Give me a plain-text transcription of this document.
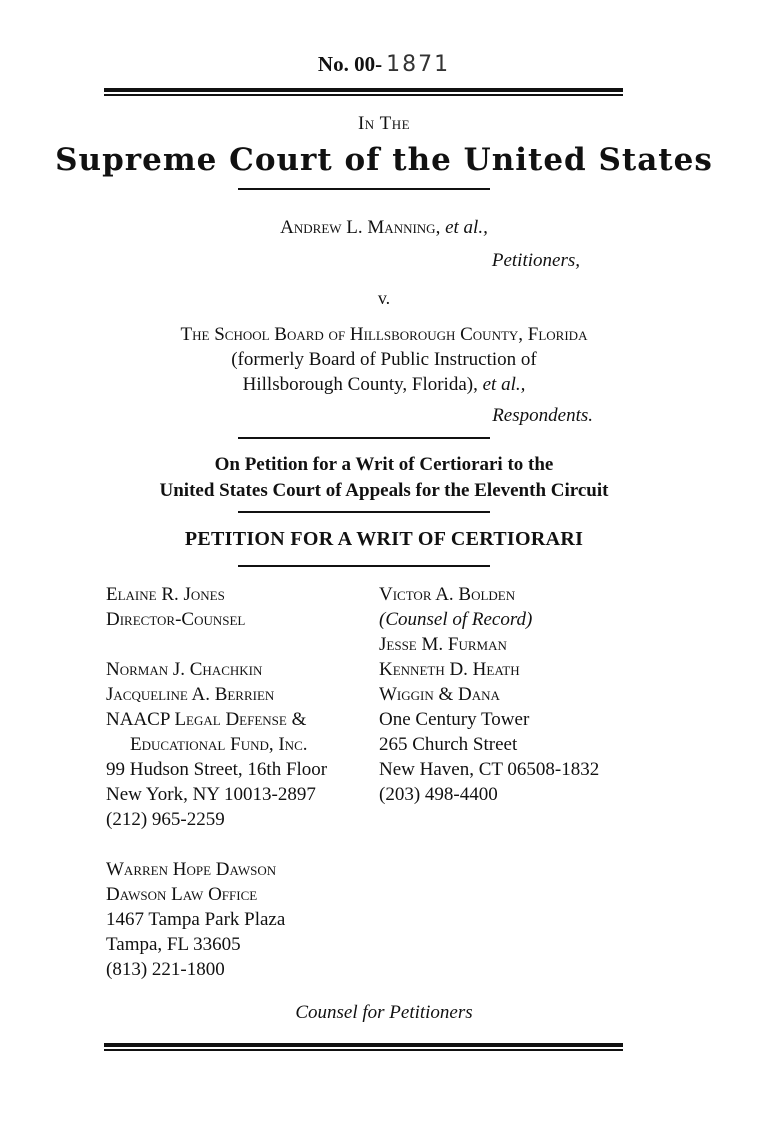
No. 00- 1871
In The
Supreme Court of the United States
Andrew L. Manning, et al.,
Petitioners,
v.
The School Board of Hillsborough County, Florida
(formerly Board of Public Instruction of
Hillsborough County, Florida), et al.,
Respondents.
On Petition for a Writ of Certiorari to the
United States Court of Appeals for the Eleventh Circuit
PETITION FOR A WRIT OF CERTIORARI
Elaine R. Jones
Director-Counsel
Norman J. Chachkin
Jacqueline A. Berrien
NAACP Legal Defense &
Educational Fund, Inc.
99 Hudson Street, 16th Floor
New York, NY 10013-2897
(212) 965-2259
Warren Hope Dawson
Dawson Law Office
1467 Tampa Park Plaza
Tampa, FL 33605
(813) 221-1800
Victor A. Bolden
(Counsel of Record)
Jesse M. Furman
Kenneth D. Heath
Wiggin & Dana
One Century Tower
265 Church Street
New Haven, CT 06508-1832
(203) 498-4400
Counsel for Petitioners
